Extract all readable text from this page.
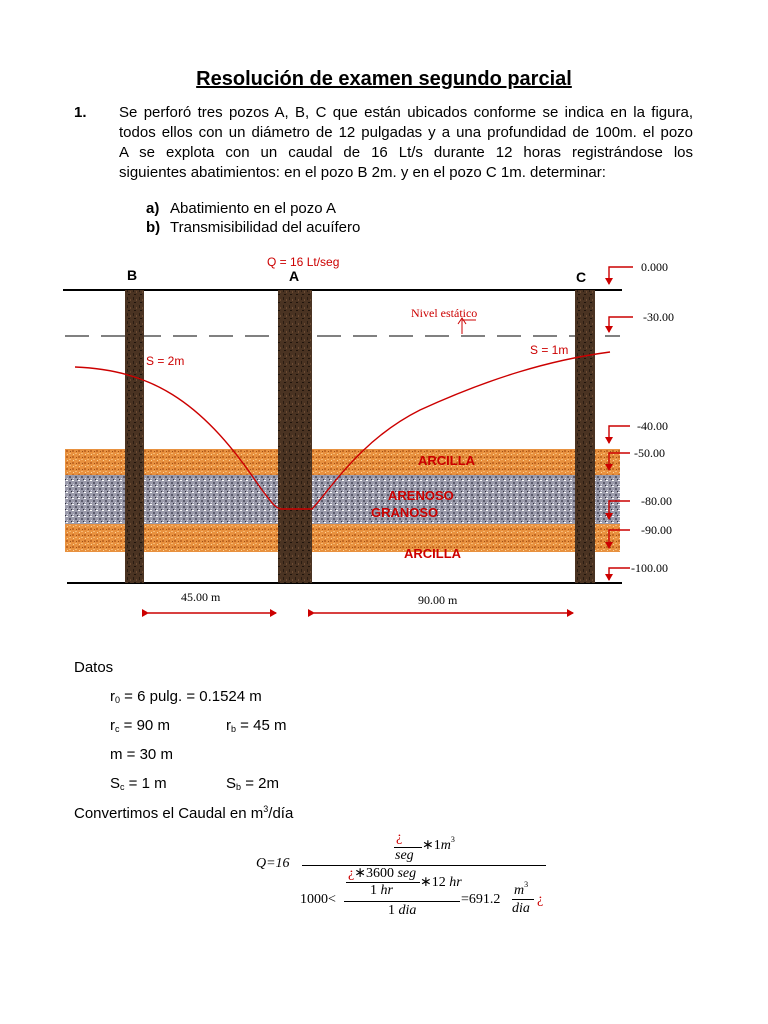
Resolución de examen segundo parcial
1. Se perforó tres pozos A, B, C que están ubicados conforme se indica en la figura,
todos ellos con un diámetro de 12 pulgadas y a una profundidad de 100m. el pozo
A se explota con un caudal de 16 Lt/s durante 12 horas registrándose los
siguientes abatimientos: en el pozo B 2m. y en el pozo C 1m. determinar:
a) Abatimiento en el pozo A
b) Transmisibilidad del acuífero
Q = 16 Lt/seg
B	A	C
Nivel estático
S = 2m
S = 1m
ARCILLA
ARENOSO
GRANOSO
ARCILLA
0.000
-30.00
-40.00
-50.00
-80.00
-90.00
-100.00
45.00 m	90.00 m
Datos
$r_0 = 6$ pulg. = 0.1524 m
$r_c = 90$ m	$r_b = 45$ m
m = 30 m
$S_c = 1$ m	$S_b = 2m$
Convertimos el Caudal en $m^3$/día
¿
$∗1m^3$
seg
Q=16
¿∗3600 seg
1 hr
∗12 hr
1000<
1 dia
=691.2
$m^3$
dia
¿
